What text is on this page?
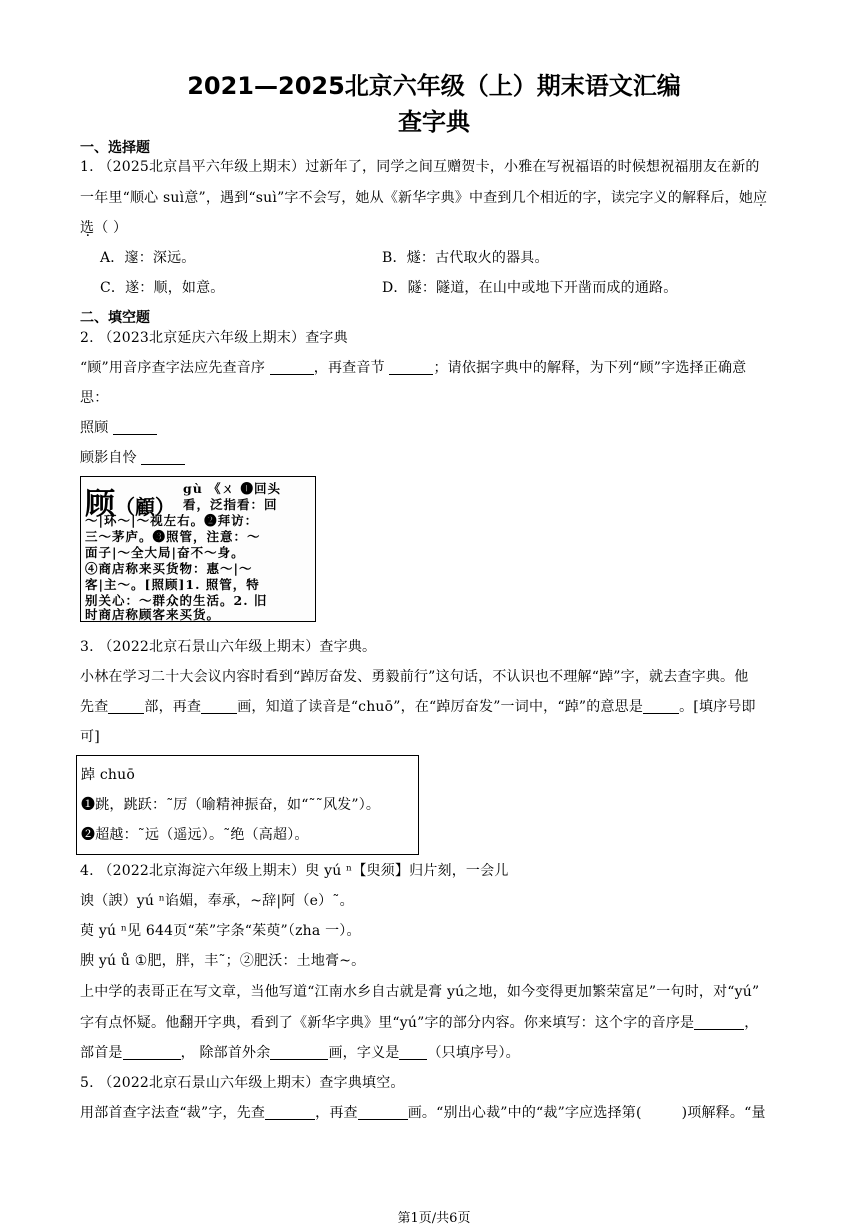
2021—2025北京六年级（上）期末语文汇编
查字典
一、选择题
1. （2025北京昌平六年级上期末）过新年了，同学之间互赠贺卡，小雅在写祝福语的时候想祝福朋友在新的
一年里“顺心 suì意”，遇到“suì”字不会写，她从《新华字典》中查到几个相近的字，读完字义的解释后，她应
选（ ）
A．邃：深远。	B．燧：古代取火的器具。
C．遂：顺，如意。	D．隧：隧道，在山中或地下开凿而成的通路。
二、填空题
2. （2023北京延庆六年级上期末）查字典
“顾”用音序查字法应先查音序	，再查音节	；请依据字典中的解释，为下列“顾”字选择正确意
思：
照顾
顾影自怜
顾（顧）
gù 《ㄨ ❶回头
看，泛指看：回
～|环～|～视左右。❷拜访：
三～茅庐。❸照管，注意：～
面子|～全大局|奋不～身。
④商店称来买货物：惠～|～
客|主～。[照顾]1. 照管，特
别关心：～群众的生活。2. 旧
时商店称顾客来买货。
3. （2022北京石景山六年级上期末）查字典。
小林在学习二十大会议内容时看到“踔厉奋发、勇毅前行”这句话，不认识也不理解“踔”字，就去查字典。他
先查	部，再查	画，知道了读音是“chuō”，在“踔厉奋发”一词中，“踔”的意思是	。[填序号即
可]
踔 chuō
❶跳，跳跃：˜厉（喻精神振奋，如“˜˜风发”）。
❷超越：˜远（遥远）。˜绝（高超）。
4. （2022北京海淀六年级上期末）臾 yú ⁿ【臾须】归片刻，一会儿
谀（諛）yú ⁿ谄媚，奉承，~辞|阿（e）˜。
萸 yú ⁿ见 644页“茱”字条“茱萸”（zha 一）。
腴 yú ů ①肥，胖，丰˜；②肥沃：土地膏~。
上中学的表哥正在写文章，当他写道“江南水乡自古就是膏 yú之地，如今变得更加繁荣富足”一句时，对“yú”
字有点怀疑。他翻开字典，看到了《新华字典》里“yú”字的部分内容。你来填写：这个字的音序是	，
部首是	， 除部首外余	画，字义是 （只填序号）。
5. （2022北京石景山六年级上期末）查字典填空。
用部首查字法查“裁”字，先查	，再查	画。“别出心裁”中的“裁”字应选择第(	)项解释。“量
第1页/共6页
